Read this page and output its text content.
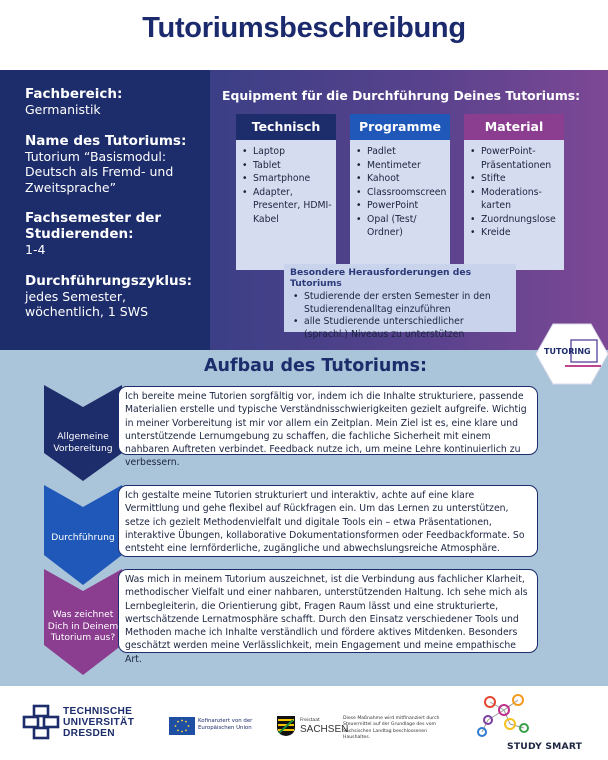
Tutoriumsbeschreibung
Fachbereich:
Germanistik
Name des Tutoriums:
Tutorium “Basismodul: Deutsch als Fremd- und Zweitsprache”
Fachsemester der Studierenden:
1-4
Durchführungszyklus:
jedes Semester, wöchentlich, 1 SWS
Equipment für die Durchführung Deines Tutoriums:
Technisch
• Laptop
• Tablet
• Smartphone
• Adapter, Presenter, HDMI-Kabel
Programme
• Padlet
• Mentimeter
• Kahoot
• Classroomscreen
• PowerPoint
• Opal (Test/ Ordner)
Material
• PowerPoint-Präsentationen
• Stifte
• Moderations-karten
• Zuordnungslose
• Kreide
Besondere Herausforderungen des Tutoriums
• Studierende der ersten Semester in den Studierendenalltag einzuführen
• alle Studierende unterschiedlicher (sprachl.) Niveaus zu unterstützen
Aufbau des Tutoriums:
Allgemeine Vorbereitung
Ich bereite meine Tutorien sorgfältig vor, indem ich die Inhalte strukturiere, passende Materialien erstelle und typische Verständnisschwierigkeiten gezielt aufgreife. Wichtig in meiner Vorbereitung ist mir vor allem ein Zeitplan. Mein Ziel ist es, eine klare und unterstützende Lernumgebung zu schaffen, die fachliche Sicherheit mit einem nahbaren Auftreten verbindet. Feedback nutze ich, um meine Lehre kontinuierlich zu verbessern.
Durchführung
Ich gestalte meine Tutorien strukturiert und interaktiv, achte auf eine klare Vermittlung und gehe flexibel auf Rückfragen ein. Um das Lernen zu unterstützen, setze ich gezielt Methodenvielfalt und digitale Tools ein – etwa Präsentationen, interaktive Übungen, kollaborative Dokumentationsformen oder Feedbackformate. So entsteht eine lernförderliche, zugängliche und abwechslungsreiche Atmosphäre.
Was zeichnet Dich in Deinem Tutorium aus?
Was mich in meinem Tutorium auszeichnet, ist die Verbindung aus fachlicher Klarheit, methodischer Vielfalt und einer nahbaren, unterstützenden Haltung. Ich sehe mich als Lernbegleiterin, die Orientierung gibt, Fragen Raum lässt und eine strukturierte, wertschätzende Lernatmosphäre schafft. Durch den Einsatz verschiedener Tools und Methoden mache ich Inhalte verständlich und fördere aktives Mitdenken. Besonders geschätzt werden meine Verlässlichkeit, mein Engagement und meine empathische Art.
TUTORING
TECHNISCHE
UNIVERSITÄT
DRESDEN
Kofinanziert von der Europäischen Union
Freistaat
SACHSEN
Diese Maßnahme wird mitfinanziert durch Steuermittel auf der Grundlage des vom Sächsischen Landtag beschlossenen Haushaltes.
STUDY SMART
